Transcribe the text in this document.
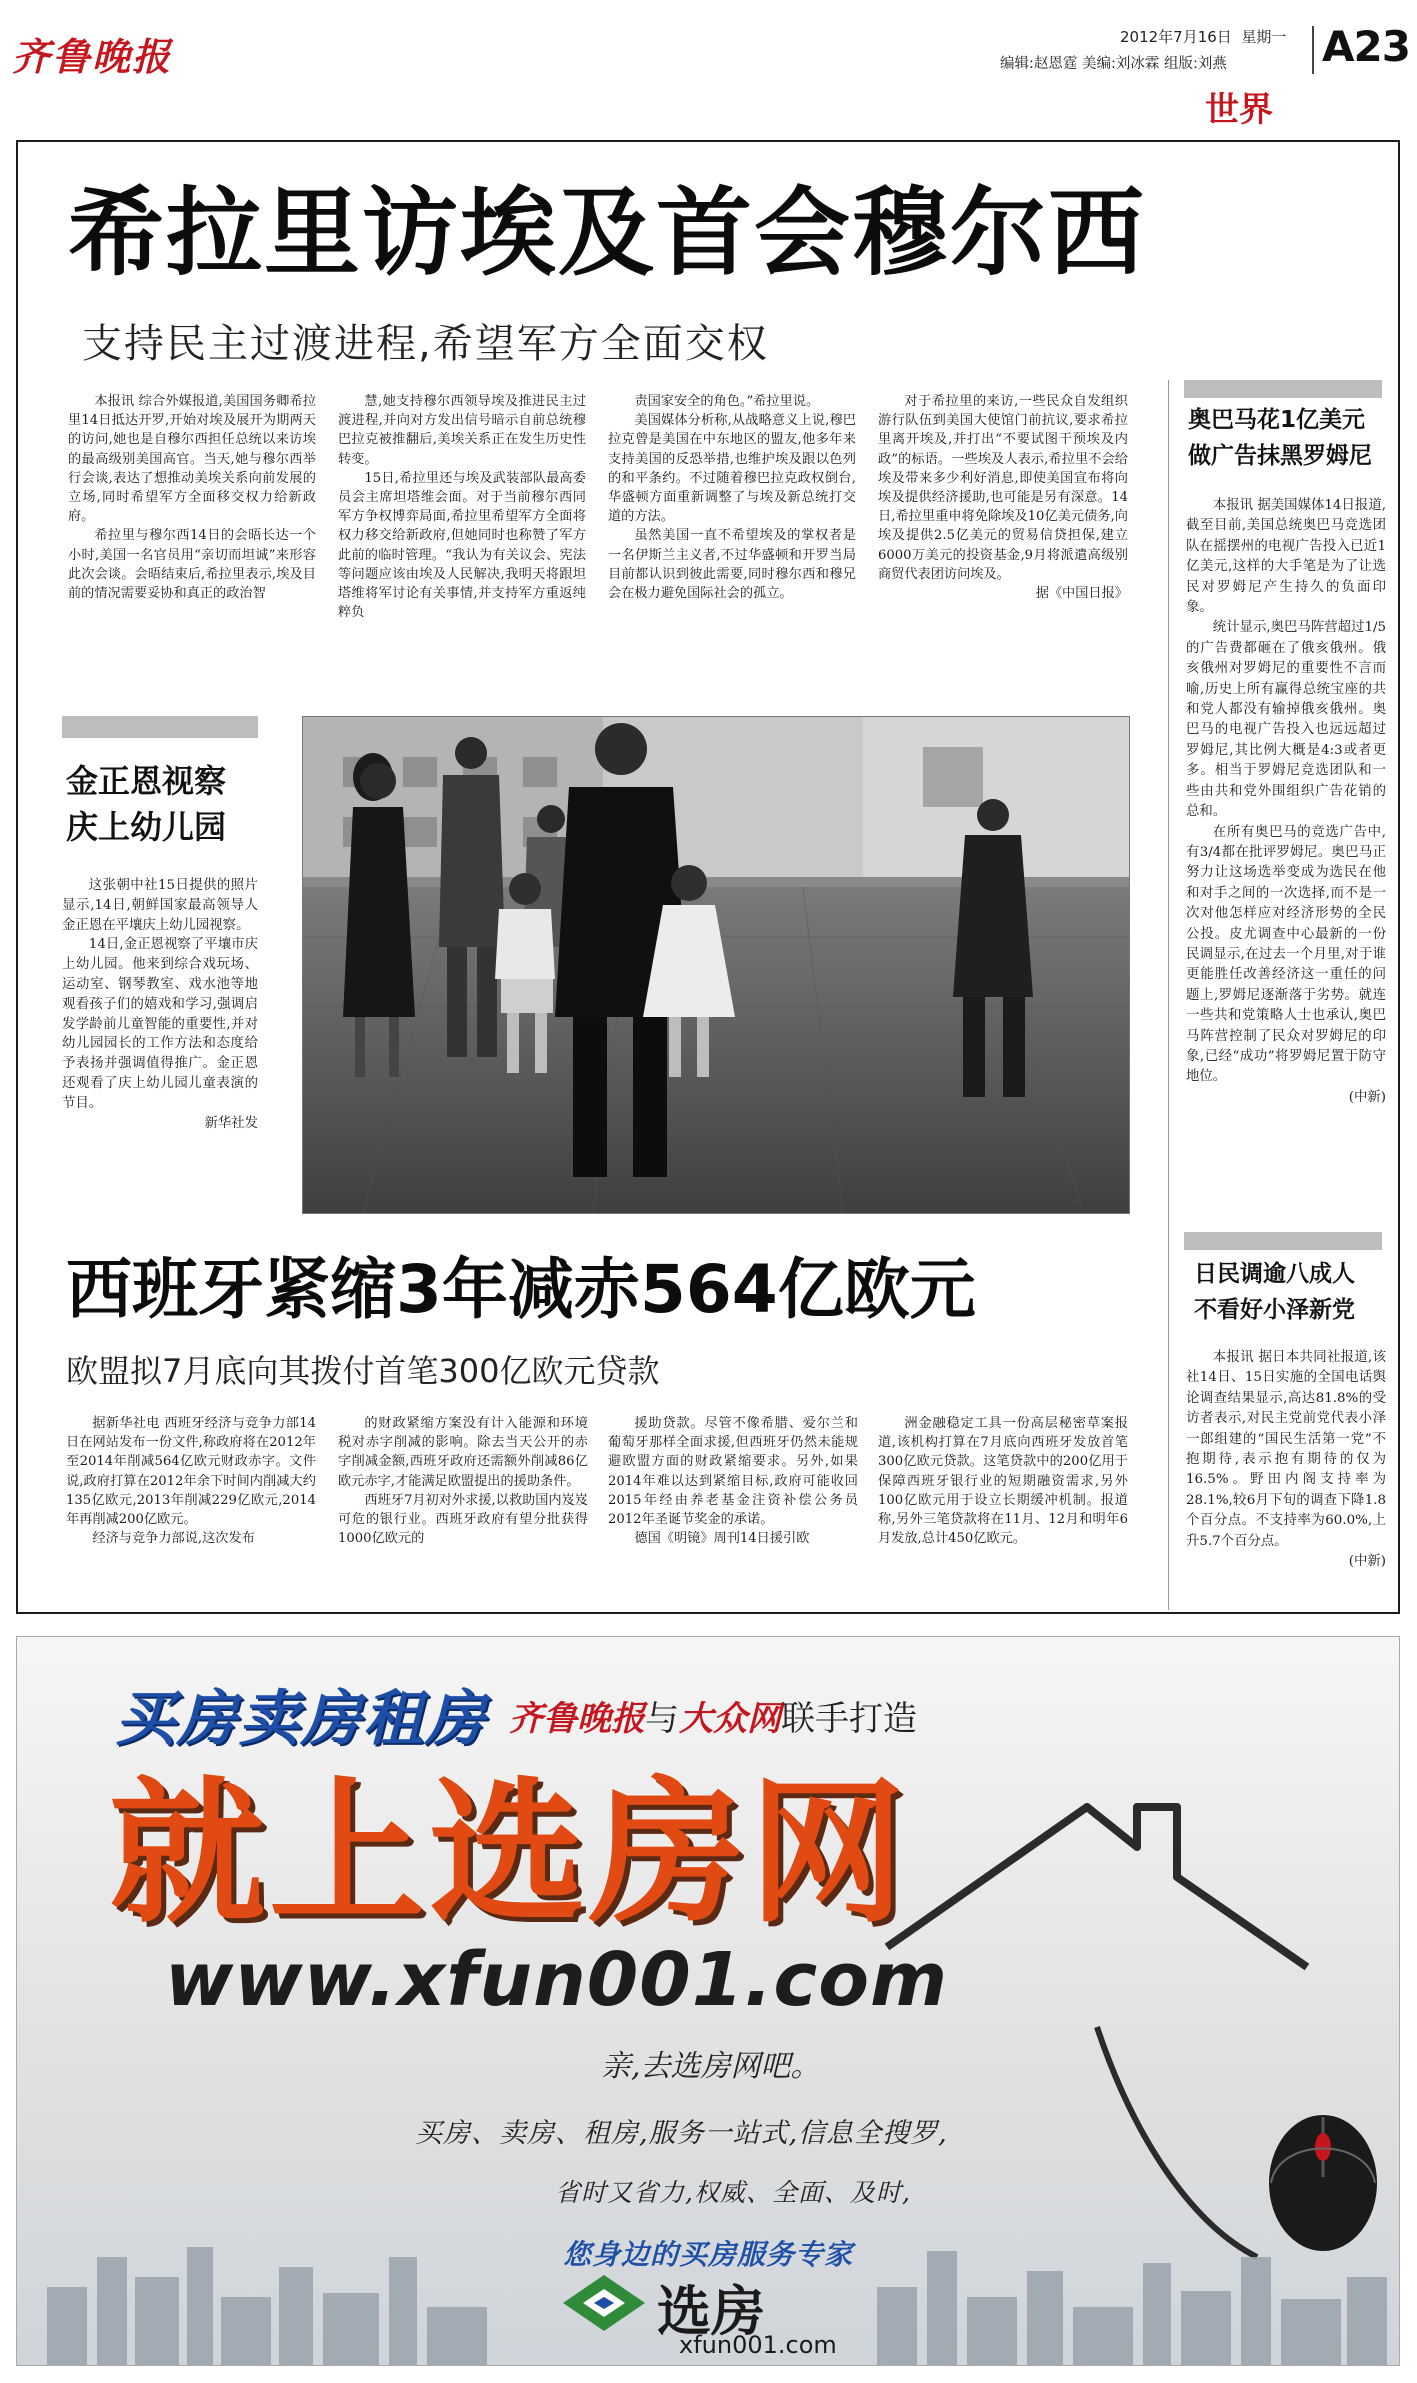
齐鲁晚报	2012年7月16日 星期一
编辑:赵恩霆 美编:刘冰霖 组版:刘燕 A23
世界
希拉里访埃及首会穆尔西
支持民主过渡进程,希望军方全面交权

本报讯 综合外媒报道,美国国务卿希拉里14日抵达开罗,开始对埃及展开为期两天的访问,她也是自穆尔西担任总统以来访埃的最高级别美国高官。当天,她与穆尔西举行会谈,表达了想推动美埃关系向前发展的立场,同时希望军方全面移交权力给新政府。

希拉里与穆尔西14日的会晤长达一个小时,美国一名官员用“亲切而坦诚”来形容此次会谈。会晤结束后,希拉里表示,埃及目前的情况需要妥协和真正的政治智

慧,她支持穆尔西领导埃及推进民主过渡进程,并向对方发出信号暗示自前总统穆巴拉克被推翻后,美埃关系正在发生历史性转变。

15日,希拉里还与埃及武装部队最高委员会主席坦塔维会面。对于当前穆尔西同军方争权博弈局面,希拉里希望军方全面将权力移交给新政府,但她同时也称赞了军方此前的临时管理。“我认为有关议会、宪法等问题应该由埃及人民解决,我明天将跟坦塔维将军讨论有关事情,并支持军方重返纯粹负

责国家安全的角色。”希拉里说。

美国媒体分析称,从战略意义上说,穆巴拉克曾是美国在中东地区的盟友,他多年来支持美国的反恐举措,也维护埃及跟以色列的和平条约。不过随着穆巴拉克政权倒台,华盛顿方面重新调整了与埃及新总统打交道的方法。

虽然美国一直不希望埃及的掌权者是一名伊斯兰主义者,不过华盛顿和开罗当局目前都认识到彼此需要,同时穆尔西和穆兄会在极力避免国际社会的孤立。

对于希拉里的来访,一些民众自发组织游行队伍到美国大使馆门前抗议,要求希拉里离开埃及,并打出“不要试图干预埃及内政”的标语。一些埃及人表示,希拉里不会给埃及带来多少利好消息,即使美国宣布将向埃及提供经济援助,也可能是另有深意。14日,希拉里重申将免除埃及10亿美元债务,向埃及提供2.5亿美元的贸易信贷担保,建立6000万美元的投资基金,9月将派遣高级别商贸代表团访问埃及。

据《中国日报》
金正恩视察
庆上幼儿园

这张朝中社15日提供的照片显示,14日,朝鲜国家最高领导人金正恩在平壤庆上幼儿园视察。

14日,金正恩视察了平壤市庆上幼儿园。他来到综合戏玩场、运动室、钢琴教室、戏水池等地观看孩子们的嬉戏和学习,强调启发学龄前儿童智能的重要性,并对幼儿园园长的工作方法和态度给予表扬并强调值得推广。金正恩还观看了庆上幼儿园儿童表演的节目。

新华社发
西班牙紧缩3年减赤564亿欧元
欧盟拟7月底向其拨付首笔300亿欧元贷款

据新华社电 西班牙经济与竞争力部14日在网站发布一份文件,称政府将在2012年至2014年削减564亿欧元财政赤字。文件说,政府打算在2012年余下时间内削减大约135亿欧元,2013年削减229亿欧元,2014年再削减200亿欧元。

经济与竞争力部说,这次发布

的财政紧缩方案没有计入能源和环境税对赤字削减的影响。除去当天公开的赤字削减金额,西班牙政府还需额外削减86亿欧元赤字,才能满足欧盟提出的援助条件。

西班牙7月初对外求援,以救助国内岌岌可危的银行业。西班牙政府有望分批获得1000亿欧元的

援助贷款。尽管不像希腊、爱尔兰和葡萄牙那样全面求援,但西班牙仍然未能规避欧盟方面的财政紧缩要求。另外,如果2014年难以达到紧缩目标,政府可能收回2015年经由养老基金注资补偿公务员2012年圣诞节奖金的承诺。

德国《明镜》周刊14日援引欧

洲金融稳定工具一份高层秘密草案报道,该机构打算在7月底向西班牙发放首笔300亿欧元贷款。这笔贷款中的200亿用于保障西班牙银行业的短期融资需求,另外100亿欧元用于设立长期缓冲机制。报道称,另外三笔贷款将在11月、12月和明年6月发放,总计450亿欧元。

奥巴马花1亿美元
做广告抹黑罗姆尼

本报讯 据美国媒体14日报道,截至目前,美国总统奥巴马竞选团队在摇摆州的电视广告投入已近1亿美元,这样的大手笔是为了让选民对罗姆尼产生持久的负面印象。

统计显示,奥巴马阵营超过1/5的广告费都砸在了俄亥俄州。俄亥俄州对罗姆尼的重要性不言而喻,历史上所有赢得总统宝座的共和党人都没有输掉俄亥俄州。奥巴马的电视广告投入也远远超过罗姆尼,其比例大概是4:3或者更多。相当于罗姆尼竞选团队和一些由共和党外围组织广告花销的总和。

在所有奥巴马的竞选广告中,有3/4都在批评罗姆尼。奥巴马正努力让这场选举变成为选民在他和对手之间的一次选择,而不是一次对他怎样应对经济形势的全民公投。皮尤调查中心最新的一份民调显示,在过去一个月里,对于谁更能胜任改善经济这一重任的问题上,罗姆尼逐渐落于劣势。就连一些共和党策略人士也承认,奥巴马阵营控制了民众对罗姆尼的印象,已经“成功”将罗姆尼置于防守地位。

(中新)
日民调逾八成人
不看好小泽新党

本报讯 据日本共同社报道,该社14日、15日实施的全国电话舆论调查结果显示,高达81.8%的受访者表示,对民主党前党代表小泽一郎组建的“国民生活第一党”不抱期待,表示抱有期待的仅为16.5%。野田内阁支持率为28.1%,较6月下旬的调查下降1.8个百分点。不支持率为60.0%,上升5.7个百分点。

(中新)
买房卖房租房 齐鲁晚报与大众网联手打造
就上选房网
www.xfun001.com
亲,去选房网吧。
买房、卖房、租房,服务一站式,信息全搜罗,
省时又省力,权威、全面、及时,
您身边的买房服务专家
选房
xfun001.com
